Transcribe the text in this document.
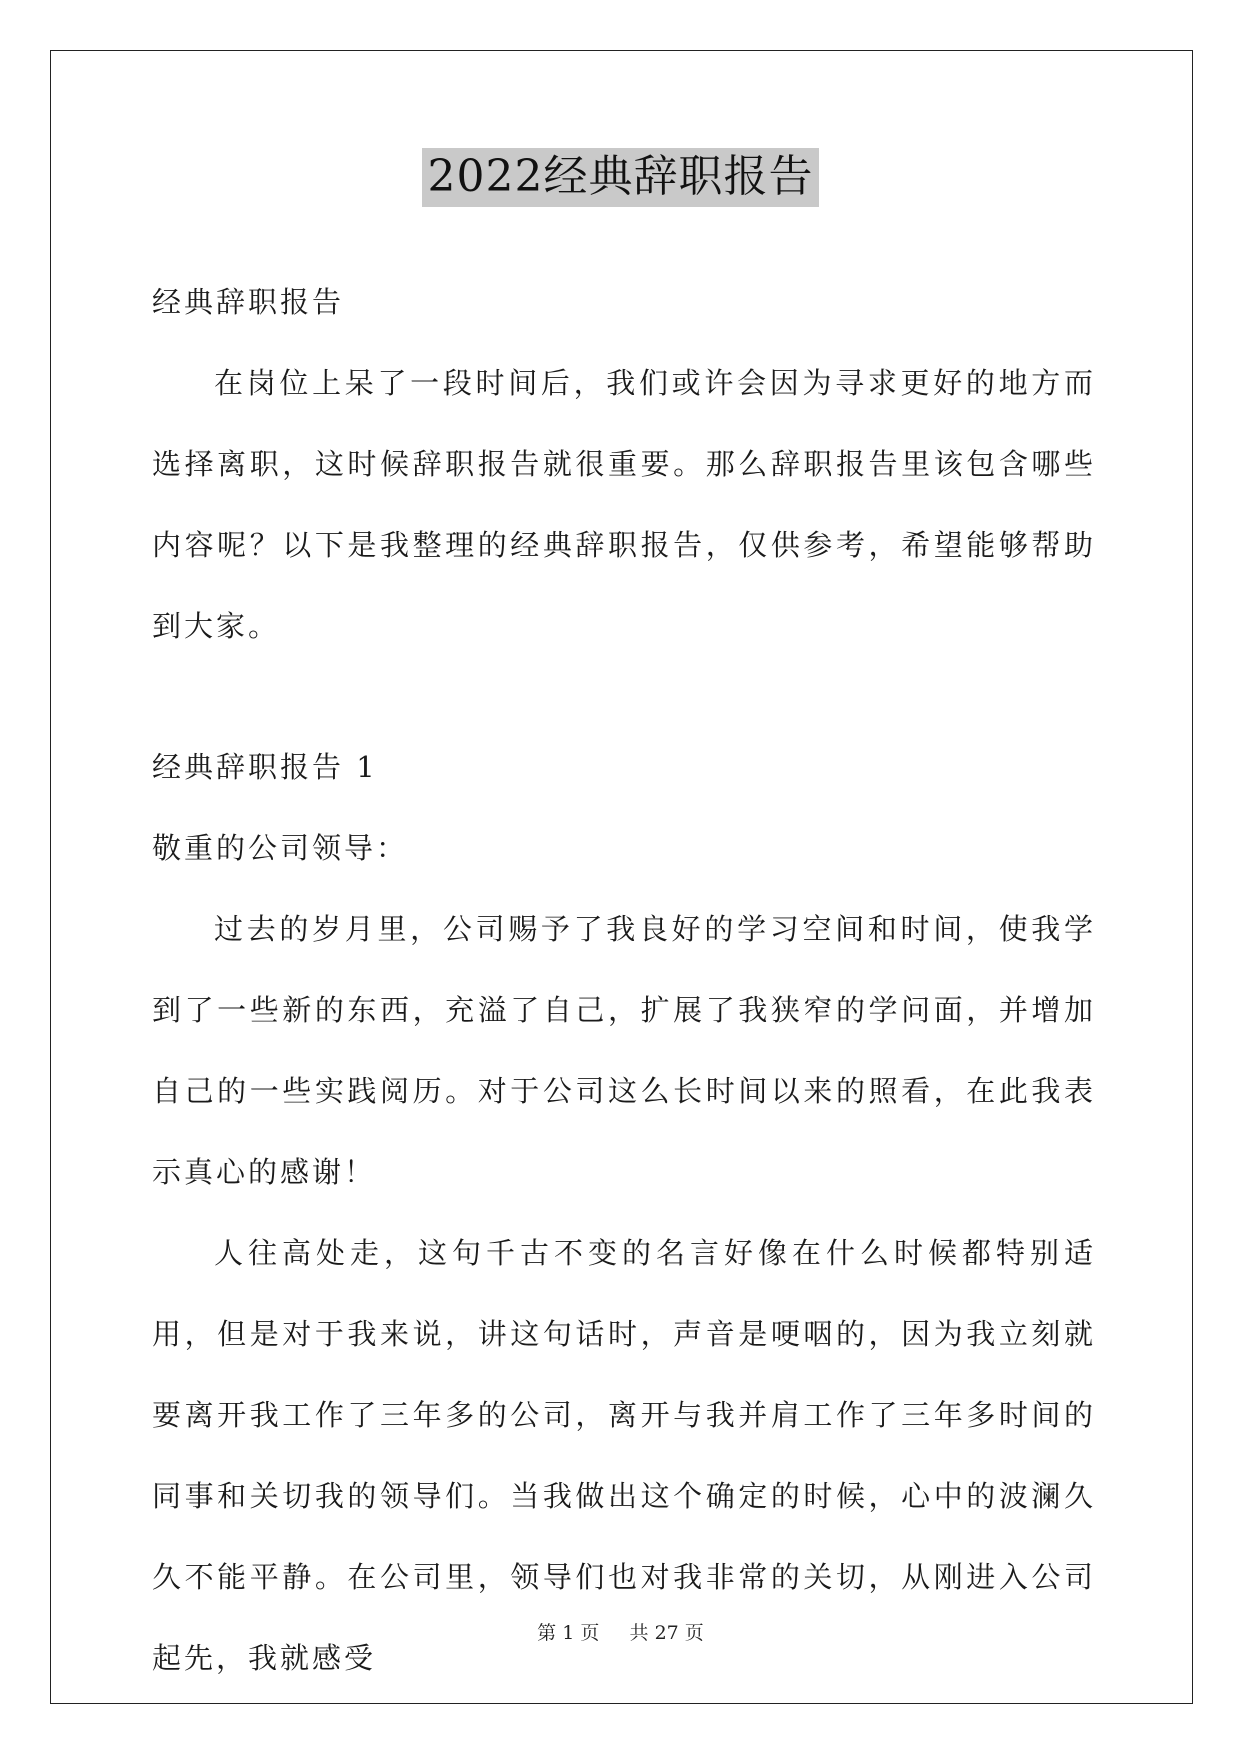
2022经典辞职报告

经典辞职报告

在岗位上呆了一段时间后，我们或许会因为寻求更好的地方而选择离职，这时候辞职报告就很重要。那么辞职报告里该包含哪些内容呢？以下是我整理的经典辞职报告，仅供参考，希望能够帮助到大家。

经典辞职报告 1

敬重的公司领导：

过去的岁月里，公司赐予了我良好的学习空间和时间，使我学到了一些新的东西，充溢了自己，扩展了我狭窄的学问面，并增加自己的一些实践阅历。对于公司这么长时间以来的照看，在此我表示真心的感谢！

人往高处走，这句千古不变的名言好像在什么时候都特别适用，但是对于我来说，讲这句话时，声音是哽咽的，因为我立刻就要离开我工作了三年多的公司，离开与我并肩工作了三年多时间的同事和关切我的领导们。当我做出这个确定的时候，心中的波澜久久不能平静。在公司里，领导们也对我非常的关切，从刚进入公司起先，我就感受

第 1 页 共 27 页
